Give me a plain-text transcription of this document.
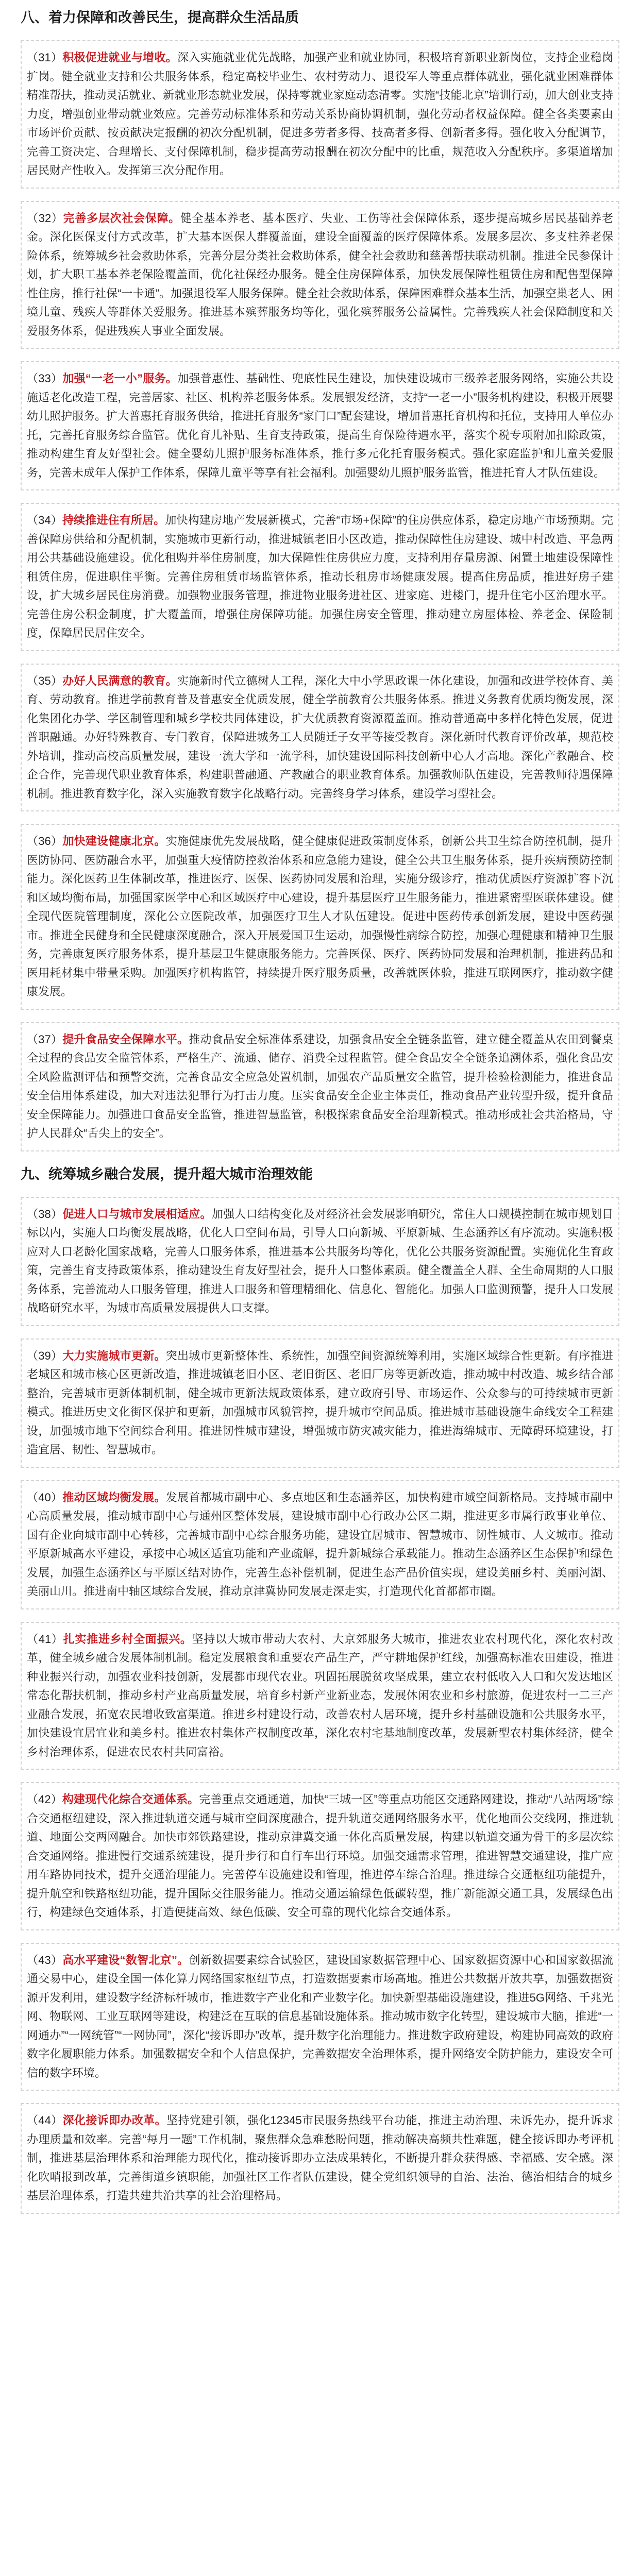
八、着力保障和改善民生，提高群众生活品质
（31）积极促进就业与增收。深入实施就业优先战略，加强产业和就业协同，积极培育新职业新岗位，支持企业稳岗扩岗。健全就业支持和公共服务体系，稳定高校毕业生、农村劳动力、退役军人等重点群体就业，强化就业困难群体精准帮扶，推动灵活就业、新就业形态就业发展，保持零就业家庭动态清零。实施“技能北京”培训行动，加大创业支持力度，增强创业带动就业效应。完善劳动标准体系和劳动关系协商协调机制，强化劳动者权益保障。健全各类要素由市场评价贡献、按贡献决定报酬的初次分配机制，促进多劳者多得、技高者多得、创新者多得。强化收入分配调节，完善工资决定、合理增长、支付保障机制，稳步提高劳动报酬在初次分配中的比重，规范收入分配秩序。多渠道增加居民财产性收入。发挥第三次分配作用。
（32）完善多层次社会保障。健全基本养老、基本医疗、失业、工伤等社会保障体系，逐步提高城乡居民基础养老金。深化医保支付方式改革，扩大基本医保人群覆盖面，建设全面覆盖的医疗保障体系。发展多层次、多支柱养老保险体系，统筹城乡社会救助体系，完善分层分类社会救助体系，健全社会救助和慈善帮扶联动机制。推进全民参保计划，扩大职工基本养老保险覆盖面，优化社保经办服务。健全住房保障体系，加快发展保障性租赁住房和配售型保障性住房，推行社保“一卡通”。加强退役军人服务保障。健全社会救助体系，保障困难群众基本生活，加强空巢老人、困境儿童、残疾人等群体关爱服务。推进基本殡葬服务均等化，强化殡葬服务公益属性。完善残疾人社会保障制度和关爱服务体系，促进残疾人事业全面发展。
（33）加强“一老一小”服务。加强普惠性、基础性、兜底性民生建设，加快建设城市三级养老服务网络，实施公共设施适老化改造工程，完善居家、社区、机构养老服务体系。发展银发经济，支持“一老一小”服务机构建设，积极开展婴幼儿照护服务。扩大普惠托育服务供给，推进托育服务“家门口”配套建设，增加普惠托育机构和托位，支持用人单位办托，完善托育服务综合监管。优化育儿补贴、生育支持政策，提高生育保险待遇水平，落实个税专项附加扣除政策，推动构建生育友好型社会。健全婴幼儿照护服务标准体系，推行多元化托育服务模式。强化家庭监护和儿童关爱服务，完善未成年人保护工作体系，保障儿童平等享有社会福利。加强婴幼儿照护服务监管，推进托育人才队伍建设。
（34）持续推进住有所居。加快构建房地产发展新模式，完善“市场+保障”的住房供应体系，稳定房地产市场预期。完善保障房供给和分配机制，实施城市更新行动，推进城镇老旧小区改造，推动保障性住房建设、城中村改造、平急两用公共基础设施建设。优化租购并举住房制度，加大保障性住房供应力度，支持利用存量房源、闲置土地建设保障性租赁住房，促进职住平衡。完善住房租赁市场监管体系，推动长租房市场健康发展。提高住房品质，推进好房子建设，扩大城乡居民住房消费。加强物业服务管理，推进物业服务进社区、进家庭、进楼门，提升住宅小区治理水平。完善住房公积金制度，扩大覆盖面，增强住房保障功能。加强住房安全管理，推动建立房屋体检、养老金、保险制度，保障居民居住安全。
（35）办好人民满意的教育。实施新时代立德树人工程，深化大中小学思政课一体化建设，加强和改进学校体育、美育、劳动教育。推进学前教育普及普惠安全优质发展，健全学前教育公共服务体系。推进义务教育优质均衡发展，深化集团化办学、学区制管理和城乡学校共同体建设，扩大优质教育资源覆盖面。推动普通高中多样化特色发展，促进普职融通。办好特殊教育、专门教育，保障进城务工人员随迁子女平等接受教育。深化新时代教育评价改革，规范校外培训，推动高校高质量发展，建设一流大学和一流学科，加快建设国际科技创新中心人才高地。深化产教融合、校企合作，完善现代职业教育体系，构建职普融通、产教融合的职业教育体系。加强教师队伍建设，完善教师待遇保障机制。推进教育数字化，深入实施教育数字化战略行动。完善终身学习体系，建设学习型社会。
（36）加快建设健康北京。实施健康优先发展战略，健全健康促进政策制度体系，创新公共卫生综合防控机制，提升医防协同、医防融合水平，加强重大疫情防控救治体系和应急能力建设，健全公共卫生服务体系，提升疾病预防控制能力。深化医药卫生体制改革，推进医疗、医保、医药协同发展和治理，实施分级诊疗，推动优质医疗资源扩容下沉和区域均衡布局，加强国家医学中心和区域医疗中心建设，提升基层医疗卫生服务能力，推进紧密型医联体建设。健全现代医院管理制度，深化公立医院改革，加强医疗卫生人才队伍建设。促进中医药传承创新发展，建设中医药强市。推进全民健身和全民健康深度融合，深入开展爱国卫生运动，加强慢性病综合防控，加强心理健康和精神卫生服务，完善康复医疗服务体系，提升基层卫生健康服务能力。完善医保、医疗、医药协同发展和治理机制，推进药品和医用耗材集中带量采购。加强医疗机构监管，持续提升医疗服务质量，改善就医体验，推进互联网医疗，推动数字健康发展。
（37）提升食品安全保障水平。推动食品安全标准体系建设，加强食品安全全链条监管，建立健全覆盖从农田到餐桌全过程的食品安全监管体系，严格生产、流通、储存、消费全过程监管。健全食品安全全链条追溯体系，强化食品安全风险监测评估和预警交流，完善食品安全应急处置机制，加强农产品质量安全监管，提升检验检测能力，推进食品安全信用体系建设，加大对违法犯罪行为打击力度。压实食品安全企业主体责任，推动食品产业转型升级，提升食品安全保障能力。加强进口食品安全监管，推进智慧监管，积极探索食品安全治理新模式。推动形成社会共治格局，守护人民群众“舌尖上的安全”。
九、统筹城乡融合发展，提升超大城市治理效能
（38）促进人口与城市发展相适应。加强人口结构变化及对经济社会发展影响研究，常住人口规模控制在城市规划目标以内，实施人口均衡发展战略，优化人口空间布局，引导人口向新城、平原新城、生态涵养区有序流动。实施积极应对人口老龄化国家战略，完善人口服务体系，推进基本公共服务均等化，优化公共服务资源配置。实施优化生育政策，完善生育支持政策体系，推动建设生育友好型社会，提升人口整体素质。健全覆盖全人群、全生命周期的人口服务体系，完善流动人口服务管理，推进人口服务和管理精细化、信息化、智能化。加强人口监测预警，提升人口发展战略研究水平，为城市高质量发展提供人口支撑。
（39）大力实施城市更新。突出城市更新整体性、系统性，加强空间资源统筹利用，实施区域综合性更新。有序推进老城区和城市核心区更新改造，推进城镇老旧小区、老旧街区、老旧厂房等更新改造，推动城中村改造、城乡结合部整治，完善城市更新体制机制，健全城市更新法规政策体系，建立政府引导、市场运作、公众参与的可持续城市更新模式。推进历史文化街区保护和更新，加强城市风貌管控，提升城市空间品质。推进城市基础设施生命线安全工程建设，加强城市地下空间综合利用。推进韧性城市建设，增强城市防灾减灾能力，推进海绵城市、无障碍环境建设，打造宜居、韧性、智慧城市。
（40）推动区域均衡发展。发展首都城市副中心、多点地区和生态涵养区，加快构建市域空间新格局。支持城市副中心高质量发展，推动城市副中心与通州区整体发展，建设城市副中心行政办公区二期，推进更多市属行政事业单位、国有企业向城市副中心转移，完善城市副中心综合服务功能，建设宜居城市、智慧城市、韧性城市、人文城市。推动平原新城高水平建设，承接中心城区适宜功能和产业疏解，提升新城综合承载能力。推动生态涵养区生态保护和绿色发展，加强生态涵养区与平原区结对协作，完善生态补偿机制，促进生态产品价值实现，建设美丽乡村、美丽河湖、美丽山川。推进南中轴区域综合发展，推动京津冀协同发展走深走实，打造现代化首都都市圈。
（41）扎实推进乡村全面振兴。坚持以大城市带动大农村、大京郊服务大城市，推进农业农村现代化，深化农村改革，健全城乡融合发展体制机制。稳定发展粮食和重要农产品生产，严守耕地保护红线，加强高标准农田建设，推进种业振兴行动，加强农业科技创新，发展都市现代农业。巩固拓展脱贫攻坚成果，建立农村低收入人口和欠发达地区常态化帮扶机制，推动乡村产业高质量发展，培育乡村新产业新业态，发展休闲农业和乡村旅游，促进农村一二三产业融合发展，拓宽农民增收致富渠道。推进乡村建设行动，改善农村人居环境，提升乡村基础设施和公共服务水平，加快建设宜居宜业和美乡村。推进农村集体产权制度改革，深化农村宅基地制度改革，发展新型农村集体经济，健全乡村治理体系，促进农民农村共同富裕。
（42）构建现代化综合交通体系。完善重点交通通道，加快“三城一区”等重点功能区交通路网建设，推动“八站两场”综合交通枢纽建设，深入推进轨道交通与城市空间深度融合，提升轨道交通网络服务水平，优化地面公交线网，推进轨道、地面公交两网融合。加快市郊铁路建设，推动京津冀交通一体化高质量发展，构建以轨道交通为骨干的多层次综合交通网络。推进慢行交通系统建设，提升步行和自行车出行环境。加强交通需求管理，推进智慧交通建设，推广应用车路协同技术，提升交通治理能力。完善停车设施建设和管理，推进停车综合治理。推进综合交通枢纽功能提升，提升航空和铁路枢纽功能，提升国际交往服务能力。推动交通运输绿色低碳转型，推广新能源交通工具，发展绿色出行，构建绿色交通体系，打造便捷高效、绿色低碳、安全可靠的现代化综合交通体系。
（43）高水平建设“数智北京”。创新数据要素综合试验区，建设国家数据管理中心、国家数据资源中心和国家数据流通交易中心，建设全国一体化算力网络国家枢纽节点，打造数据要素市场高地。推进公共数据开放共享，加强数据资源开发利用，建设数字经济标杆城市，推进数字产业化和产业数字化。加快新型基础设施建设，推进5G网络、千兆光网、物联网、工业互联网等建设，构建泛在互联的信息基础设施体系。推动城市数字化转型，建设城市大脑，推进“一网通办”“一网统管”“一网协同”，深化“接诉即办”改革，提升数字化治理能力。推进数字政府建设，构建协同高效的政府数字化履职能力体系。加强数据安全和个人信息保护，完善数据安全治理体系，提升网络安全防护能力，建设安全可信的数字环境。
（44）深化接诉即办改革。坚持党建引领，强化12345市民服务热线平台功能，推进主动治理、未诉先办，提升诉求办理质量和效率。完善“每月一题”工作机制，聚焦群众急难愁盼问题，推动解决高频共性难题，健全接诉即办考评机制，推进基层治理体系和治理能力现代化，推动接诉即办立法成果转化，不断提升群众获得感、幸福感、安全感。深化吹哨报到改革，完善街道乡镇职能，加强社区工作者队伍建设，健全党组织领导的自治、法治、德治相结合的城乡基层治理体系，打造共建共治共享的社会治理格局。
